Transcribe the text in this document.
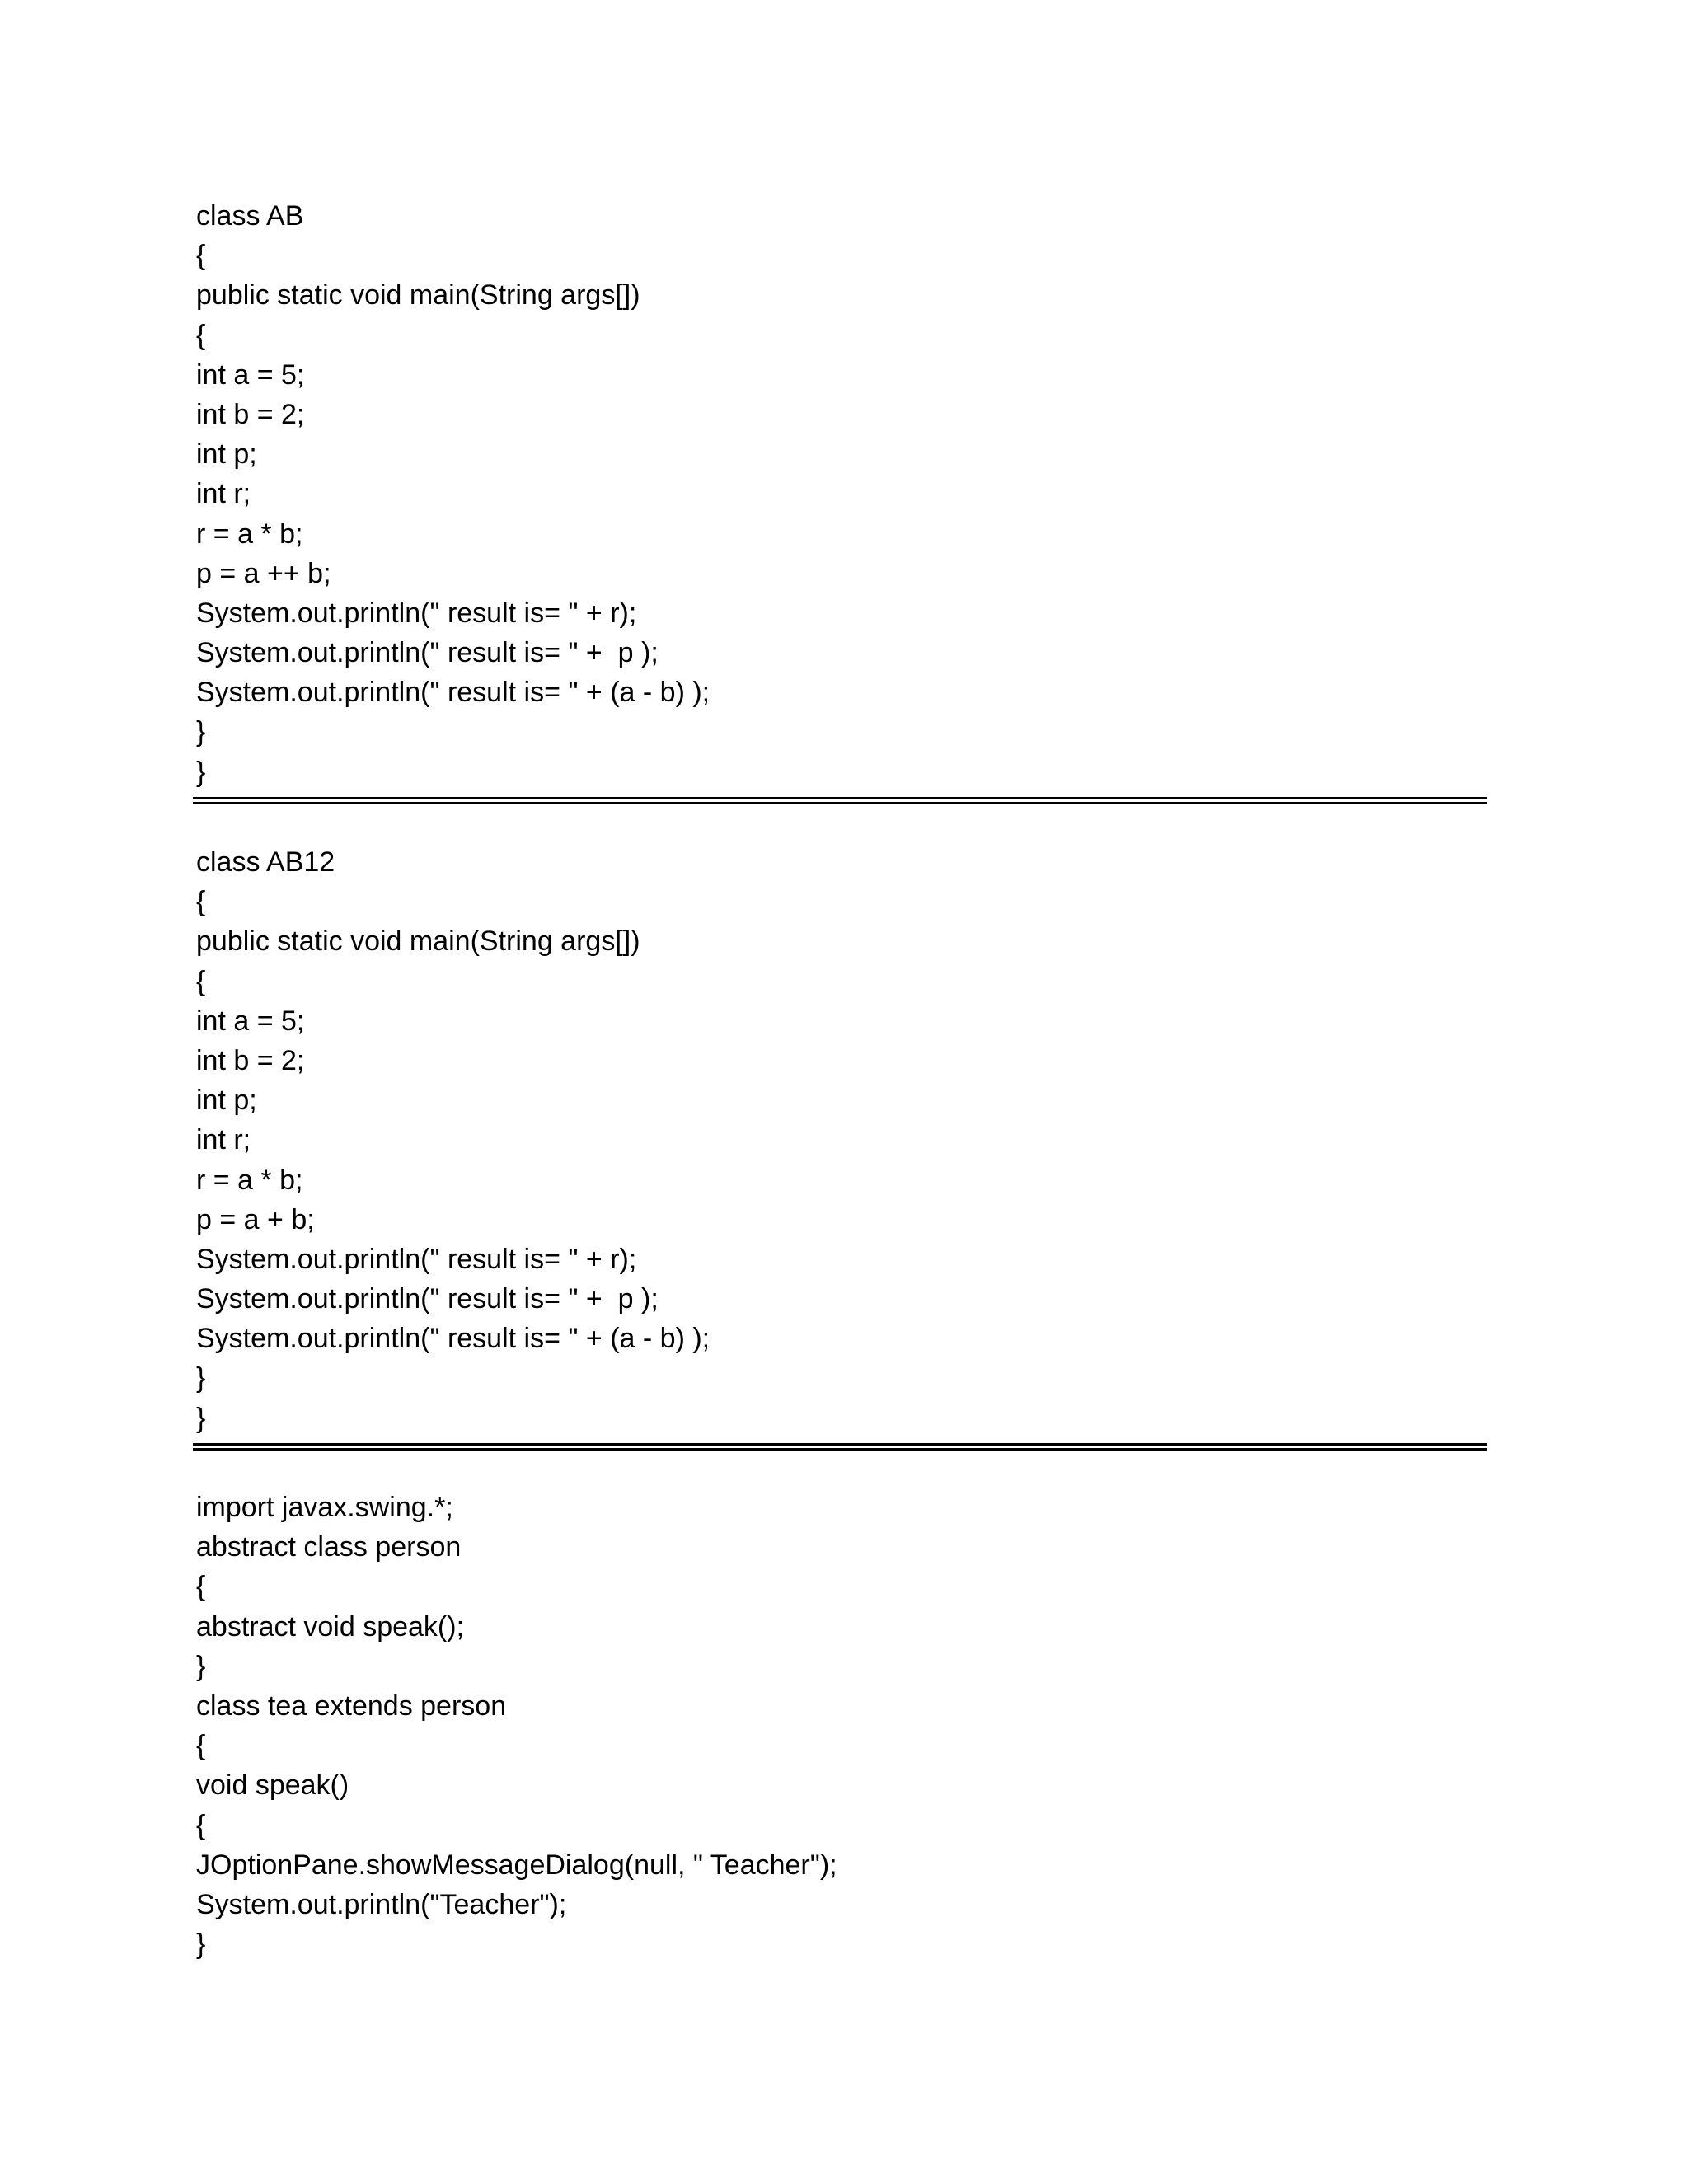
class AB
{
public static void main(String args[])
{
int a = 5;
int b = 2;
int p;
int r;
r = a * b;
p = a ++ b;
System.out.println(" result is= " + r);
System.out.println(" result is= " +  p );
System.out.println(" result is= " + (a - b) );
}
}
class AB12
{
public static void main(String args[])
{
int a = 5;
int b = 2;
int p;
int r;
r = a * b;
p = a + b;
System.out.println(" result is= " + r);
System.out.println(" result is= " +  p );
System.out.println(" result is= " + (a - b) );
}
}
import javax.swing.*;
abstract class person
{
abstract void speak();
}
class tea extends person
{
void speak()
{
JOptionPane.showMessageDialog(null, " Teacher");
System.out.println("Teacher");
}
